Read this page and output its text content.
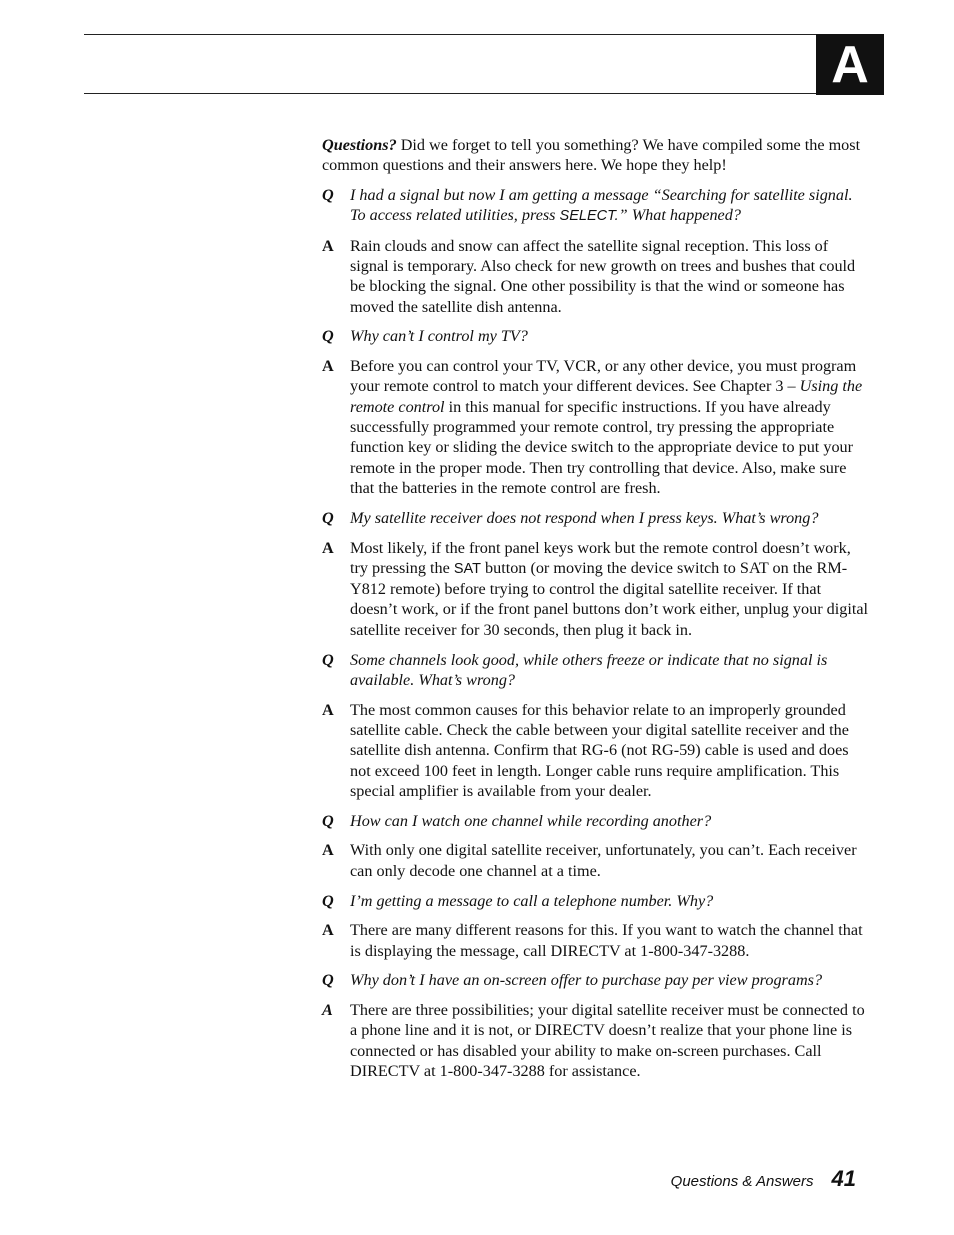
A

Questions? Did we forget to tell you something? We have compiled some the most common questions and their answers here. We hope they help!

Q	I had a signal but now I am getting a message “Searching for satellite signal. To access related utilities, press SELECT.” What happened?
A	Rain clouds and snow can affect the satellite signal reception. This loss of signal is temporary. Also check for new growth on trees and bushes that could be blocking the signal. One other possibility is that the wind or someone has moved the satellite dish antenna.
Q	Why can’t I control my TV?
A	Before you can control your TV, VCR, or any other device, you must program your remote control to match your different devices. See Chapter 3 – Using the remote control in this manual for specific instructions. If you have already successfully programmed your remote control, try pressing the appropriate function key or sliding the device switch to the appropriate device to put your remote in the proper mode. Then try controlling that device. Also, make sure that the batteries in the remote control are fresh.
Q	My satellite receiver does not respond when I press keys. What’s wrong?
A	Most likely, if the front panel keys work but the remote control doesn’t work, try pressing the SAT button (or moving the device switch to SAT on the RM-Y812 remote) before trying to control the digital satellite receiver. If that doesn’t work, or if the front panel buttons don’t work either, unplug your digital satellite receiver for 30 seconds, then plug it back in.
Q	Some channels look good, while others freeze or indicate that no signal is available. What’s wrong?
A	The most common causes for this behavior relate to an improperly grounded satellite cable. Check the cable between your digital satellite receiver and the satellite dish antenna. Confirm that RG-6 (not RG-59) cable is used and does not exceed 100 feet in length. Longer cable runs require amplification. This special amplifier is available from your dealer.
Q	How can I watch one channel while recording another?
A	With only one digital satellite receiver, unfortunately, you can’t. Each receiver can only decode one channel at a time.
Q	I’m getting a message to call a telephone number. Why?
A	There are many different reasons for this. If you want to watch the channel that is displaying the message, call DIRECTV at 1-800-347-3288.
Q	Why don’t I have an on-screen offer to purchase pay per view programs?
A	There are three possibilities; your digital satellite receiver must be connected to a phone line and it is not, or DIRECTV doesn’t realize that your phone line is connected or has disabled your ability to make on-screen purchases. Call DIRECTV at 1-800-347-3288 for assistance.
Questions & Answers 41
